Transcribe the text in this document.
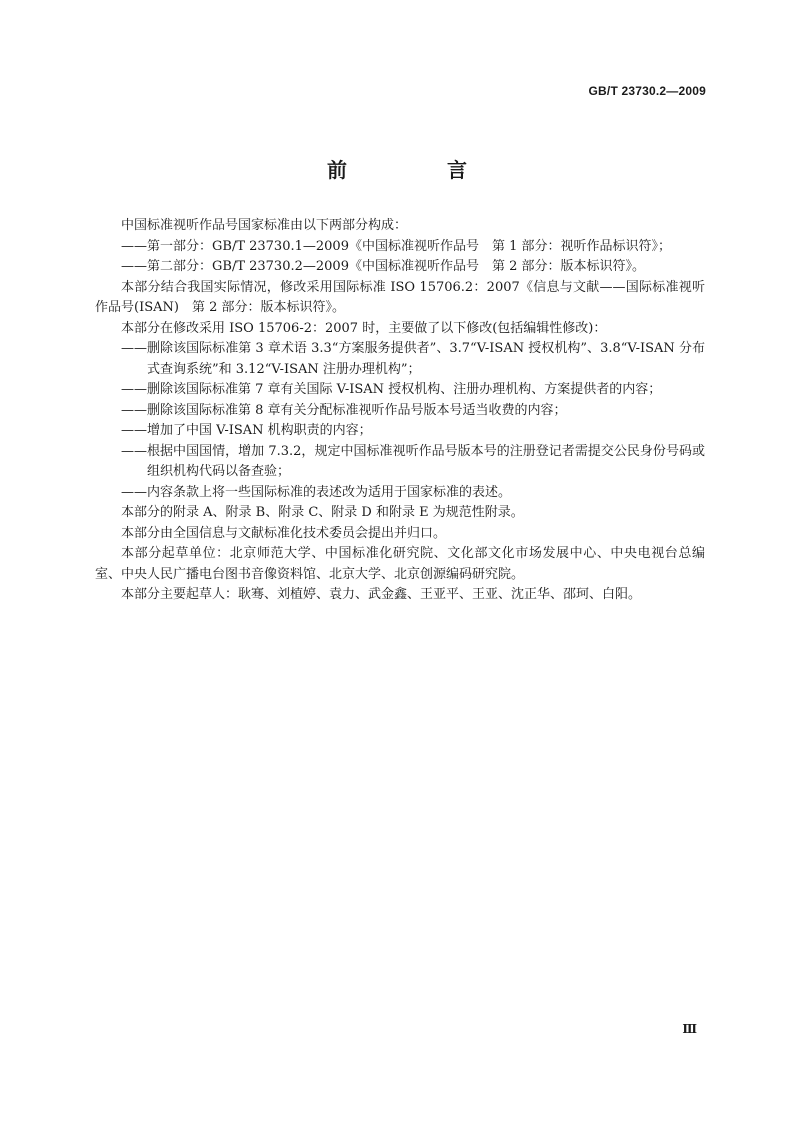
GB/T 23730.2—2009
前　言

中国标准视听作品号国家标准由以下两部分构成：

——第一部分：GB/T 23730.1—2009《中国标准视听作品号　第 1 部分：视听作品标识符》；

——第二部分：GB/T 23730.2—2009《中国标准视听作品号　第 2 部分：版本标识符》。

本部分结合我国实际情况，修改采用国际标准 ISO 15706.2：2007《信息与文献——国际标准视听作品号(ISAN)　第 2 部分：版本标识符》。

本部分在修改采用 ISO 15706-2：2007 时，主要做了以下修改(包括编辑性修改)：

——删除该国际标准第 3 章术语 3.3“方案服务提供者”、3.7“V-ISAN 授权机构”、3.8“V-ISAN 分布式查询系统”和 3.12“V-ISAN 注册办理机构”；

——删除该国际标准第 7 章有关国际 V-ISAN 授权机构、注册办理机构、方案提供者的内容；

——删除该国际标准第 8 章有关分配标准视听作品号版本号适当收费的内容；

——增加了中国 V-ISAN 机构职责的内容；

——根据中国国情，增加 7.3.2，规定中国标准视听作品号版本号的注册登记者需提交公民身份号码或组织机构代码以备查验；

——内容条款上将一些国际标准的表述改为适用于国家标准的表述。

本部分的附录 A、附录 B、附录 C、附录 D 和附录 E 为规范性附录。

本部分由全国信息与文献标准化技术委员会提出并归口。

本部分起草单位：北京师范大学、中国标准化研究院、文化部文化市场发展中心、中央电视台总编室、中央人民广播电台图书音像资料馆、北京大学、北京创源编码研究院。

本部分主要起草人：耿骞、刘植婷、袁力、武金鑫、王亚平、王亚、沈正华、邵珂、白阳。

Ⅲ
